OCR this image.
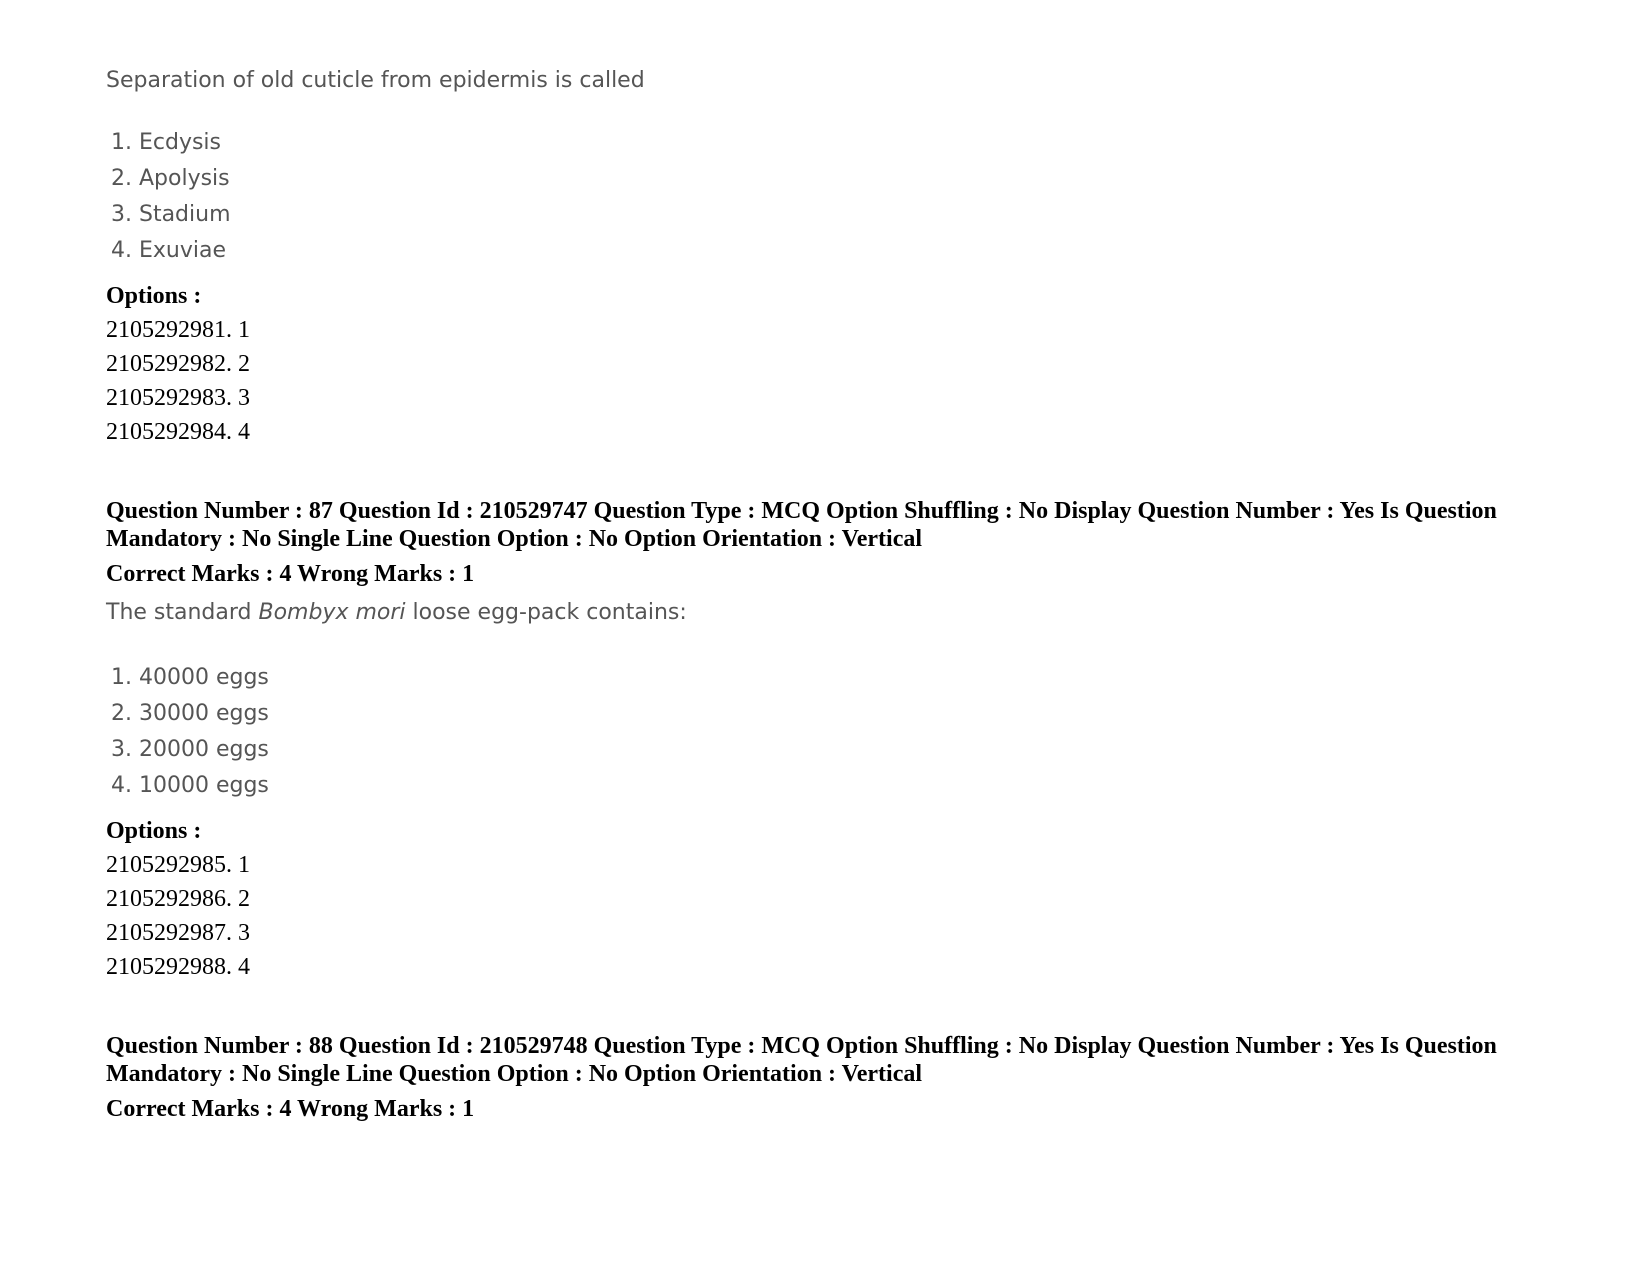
Separation of old cuticle from epidermis is called
1. Ecdysis
2. Apolysis
3. Stadium
4. Exuviae
Options :
2105292981. 1
2105292982. 2
2105292983. 3
2105292984. 4
Question Number : 87 Question Id : 210529747 Question Type : MCQ Option Shuffling : No Display Question Number : Yes Is Question
Mandatory : No Single Line Question Option : No Option Orientation : Vertical
Correct Marks : 4 Wrong Marks : 1
The standard Bombyx mori loose egg-pack contains:
1. 40000 eggs
2. 30000 eggs
3. 20000 eggs
4. 10000 eggs
Options :
2105292985. 1
2105292986. 2
2105292987. 3
2105292988. 4
Question Number : 88 Question Id : 210529748 Question Type : MCQ Option Shuffling : No Display Question Number : Yes Is Question
Mandatory : No Single Line Question Option : No Option Orientation : Vertical
Correct Marks : 4 Wrong Marks : 1
